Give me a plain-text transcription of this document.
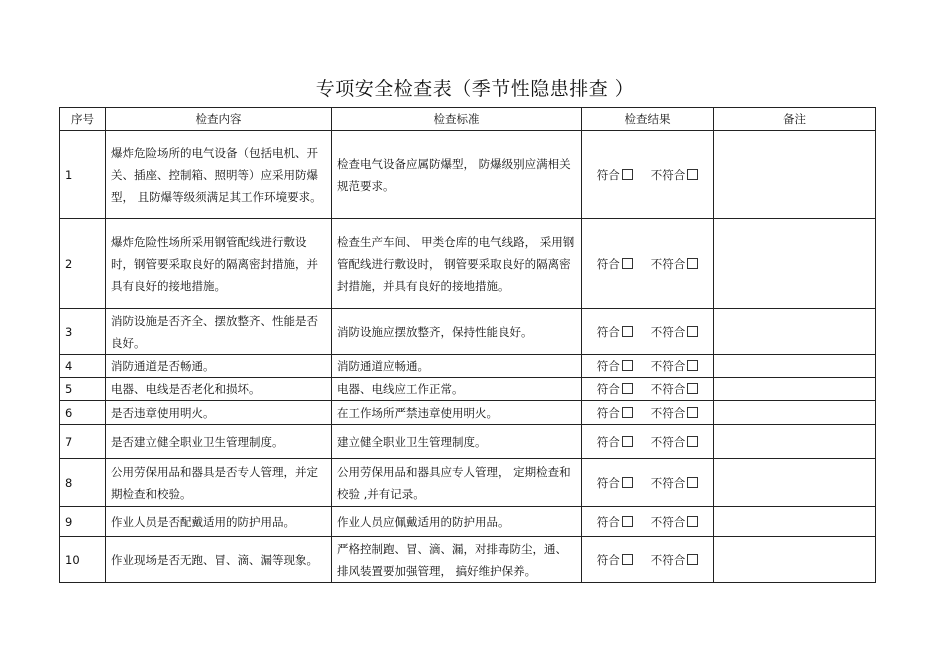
专项安全检查表（季节性隐患排查 ）
序号	检查内容	检查标准	检查结果	备注
1	爆炸危险场所的电气设备（包括电机、开关、插座、控制箱、照明等）应采用防爆型， 且防爆等级须满足其工作环境要求。	检查电气设备应属防爆型， 防爆级别应满相关规范要求。	符合 不符合	
2	爆炸危险性场所采用钢管配线进行敷设时，钢管要采取良好的隔离密封措施，并具有良好的接地措施。	检查生产车间、 甲类仓库的电气线路， 采用钢管配线进行敷设时， 钢管要采取良好的隔离密封措施，并具有良好的接地措施。	符合 不符合	
3	消防设施是否齐全、摆放整齐、性能是否良好。	消防设施应摆放整齐，保持性能良好。	符合 不符合	
4	消防通道是否畅通。	消防通道应畅通。	符合 不符合	
5	电器、电线是否老化和损坏。	电器、电线应工作正常。	符合 不符合	
6	是否违章使用明火。	在工作场所严禁违章使用明火。	符合 不符合	
7	是否建立健全职业卫生管理制度。	建立健全职业卫生管理制度。	符合 不符合	
8	公用劳保用品和器具是否专人管理，并定期检查和校验。	公用劳保用品和器具应专人管理， 定期检查和校验 ,并有记录。	符合 不符合	
9	作业人员是否配戴适用的防护用品。	作业人员应佩戴适用的防护用品。	符合 不符合	
10	作业现场是否无跑、冒、滴、漏等现象。	严格控制跑、冒、滴、漏，对排毒防尘，通、排风装置要加强管理， 搞好维护保养。	符合 不符合	
